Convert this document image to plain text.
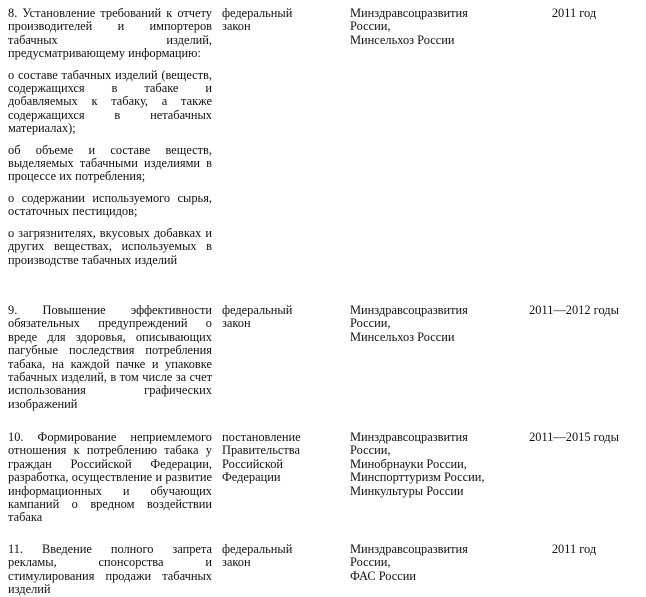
8. Установление требований к отчету производителей и импортеров табачных изделий, предусматривающему информацию:

о составе табачных изделий (веществ, содержащихся в табаке и добавляемых к табаку, а также содержащихся в нетабачных материалах);

об объеме и составе веществ, выделяемых табачными изделиями в процессе их потребления;

о содержании используемого сырья, остаточных пестицидов;

о загрязнителях, вкусовых добавках и других веществах, используемых в производстве табачных изделий

федеральный
закон
Минздравсоцразвития
России,
Минсельхоз России
2011 год

9. Повышение эффективности обязательных предупреждений о вреде для здоровья, описывающих пагубные последствия потребления табака, на каждой пачке и упаковке табачных изделий, в том числе за счет использования графических изображений

федеральный
закон
Минздравсоцразвития
России,
Минсельхоз России
2011—2012 годы

10. Формирование неприемлемого отношения к потреблению табака у граждан Российской Федерации, разработка, осуществление и развитие информационных и обучающих кампаний о вредном воздействии табака

постановление
Правительства
Российской
Федерации
Минздравсоцразвития
России,
Минобрнауки России,
Минспорттуризм России,
Минкультуры России
2011—2015 годы

11. Введение полного запрета рекламы, спонсорства и стимулирования продажи табачных изделий

федеральный
закон
Минздравсоцразвития
России,
ФАС России
2011 год
